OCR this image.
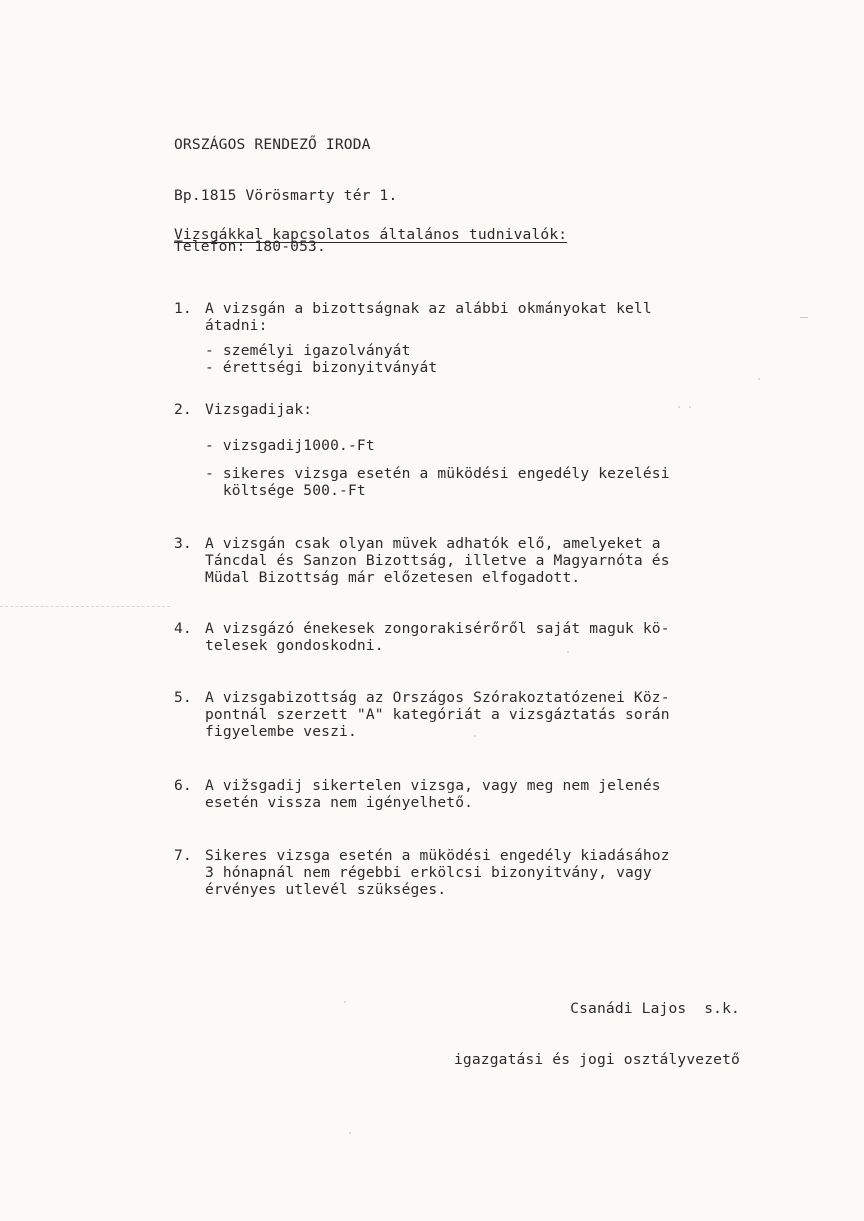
ORSZÁGOS RENDEZŐ IRODA

Bp.1815 Vörösmarty tér 1.

Telefon: 180-053.

Vizsgákkal kapcsolatos általános tudnivalók:

1.

A vizsgán a bizottságnak az alábbi okmányokat kell
átadni:

- személyi igazolványát

- érettségi bizonyitványát

2.

Vizsgadijak:

- vizsgadij1000.-Ft

- sikeres vizsga esetén a müködési engedély kezelési
költsége 500.-Ft

3.

A vizsgán csak olyan müvek adhatók elő, amelyeket a
Táncdal és Sanzon Bizottság, illetve a Magyarnóta és
Müdal Bizottság már előzetesen elfogadott.

4.

A vizsgázó énekesek zongorakisérőről saját maguk kö-
telesek gondoskodni.

5.

A vizsgabizottság az Országos Szórakoztatózenei Köz-
pontnál szerzett "A" kategóriát a vizsgáztatás során
figyelembe veszi.

6.

A vižsgadij sikertelen vizsga, vagy meg nem jelenés
esetén vissza nem igényelhető.

7.

Sikeres vizsga esetén a müködési engedély kiadásához
3 hónapnál nem régebbi erkölcsi bizonyitvány, vagy
érvényes utlevél szükséges.

Csanádi Lajos  s.k.

igazgatási és jogi osztályvezető
